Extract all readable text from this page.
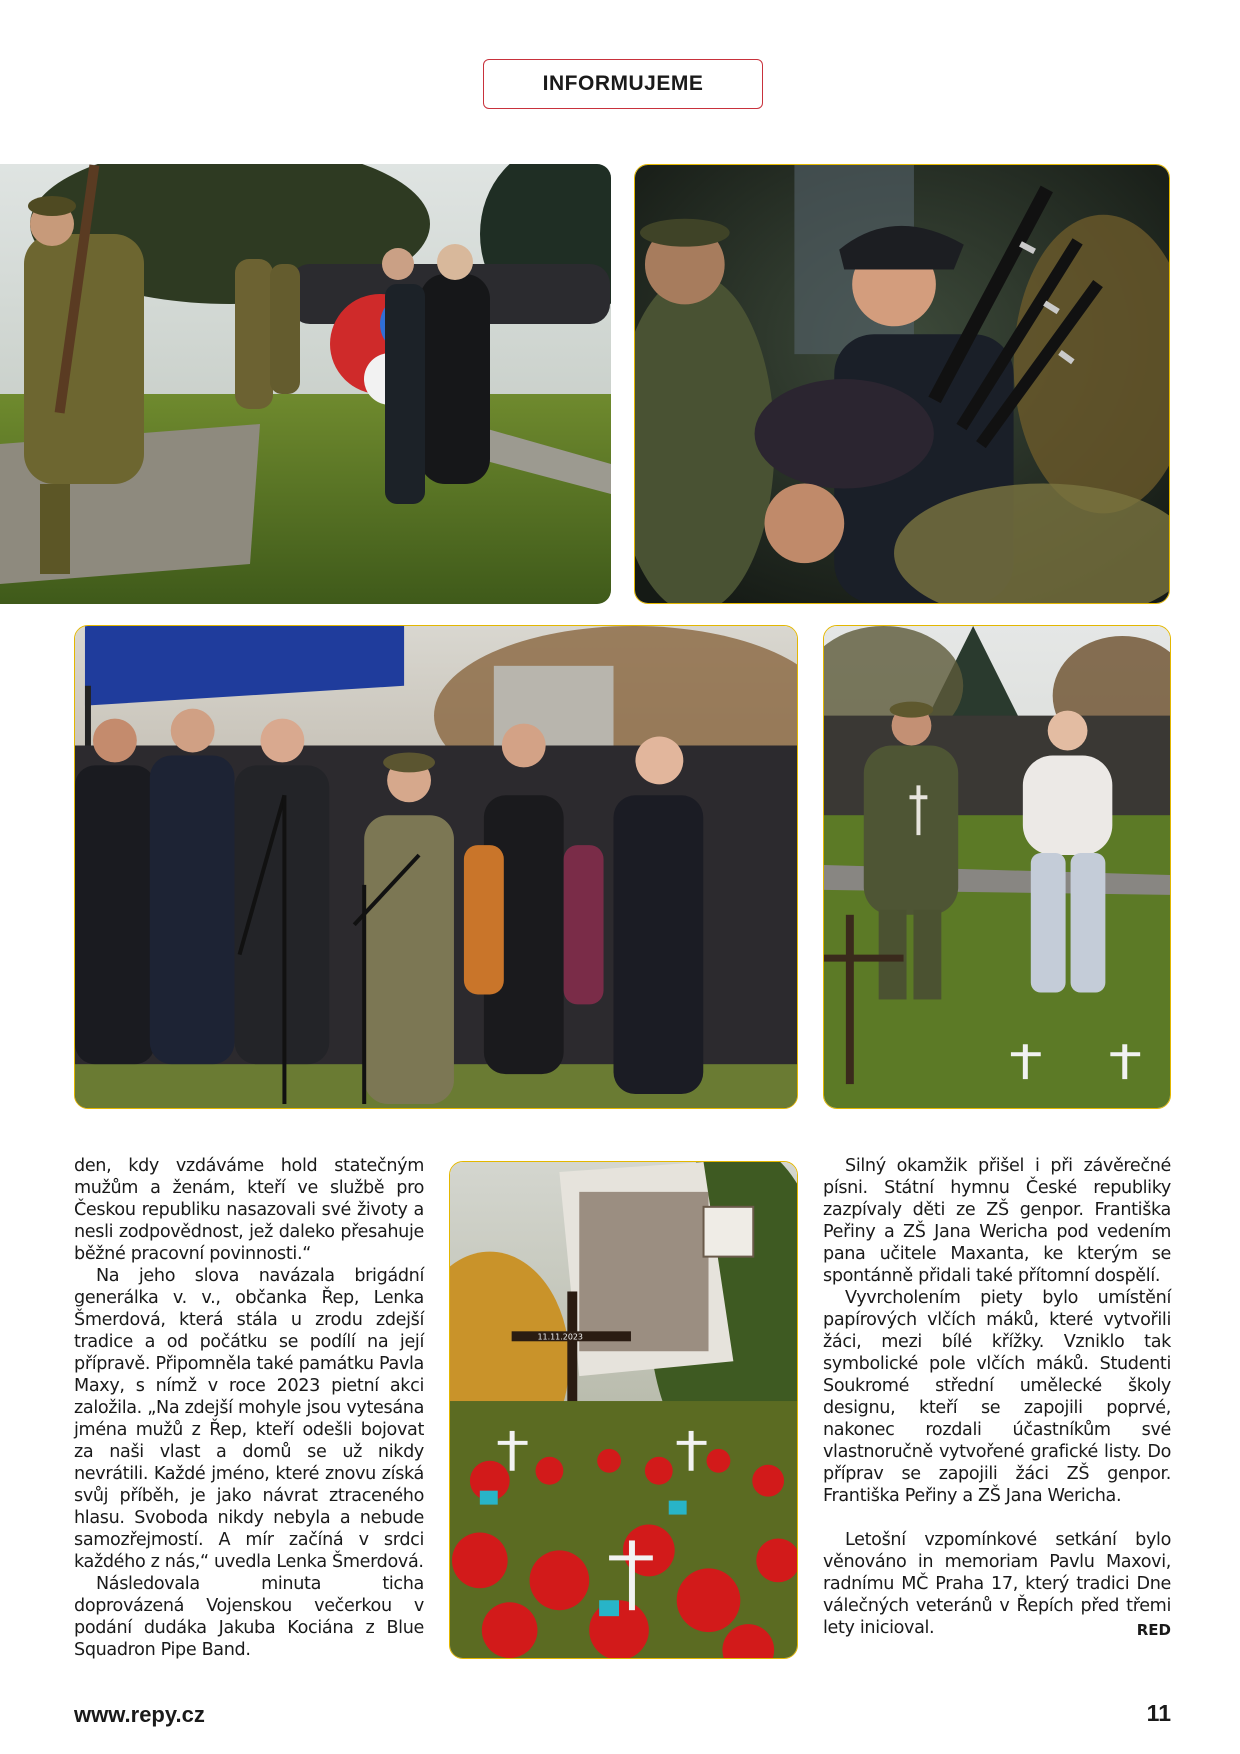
INFORMUJEME
11.11.2023

den, kdy vzdáváme hold statečným mužům a ženám, kteří ve službě pro Českou republiku nasazovali své životy a nesli zodpovědnost, jež daleko přesahuje běžné pracovní povinnosti.“

Na jeho slova navázala brigádní generálka v. v., občanka Řep, Lenka Šmerdová, která stála u zrodu zdejší tradice a od počátku se podílí na její přípravě. Připomněla také památku Pavla Maxy, s nímž v roce 2023 pietní akci založila. „Na zdejší mohyle jsou vytesána jména mužů z Řep, kteří odešli bojovat za naši vlast a domů se už nikdy nevrátili. Každé jméno, které znovu získá svůj příběh, je jako návrat ztraceného hlasu. Svoboda nikdy nebyla a nebude samozřejmostí. A mír začíná v srdci každého z nás,“ uvedla Lenka Šmerdová.

Následovala minuta ticha doprovázená Vojenskou večerkou v podání dudáka Jakuba Kociána z Blue Squadron Pipe Band.

Silný okamžik přišel i při závěrečné písni. Státní hymnu České republiky zazpívaly děti ze ZŠ genpor. Františka Peřiny a ZŠ Jana Wericha pod vedením pana učitele Maxanta, ke kterým se spontánně přidali také přítomní dospělí.

Vyvrcholením piety bylo umístění papírových vlčích máků, které vytvořili žáci, mezi bílé křížky. Vzniklo tak symbolické pole vlčích máků. Studenti Soukromé střední umělecké školy designu, kteří se zapojili poprvé, nakonec rozdali účastníkům své vlastnoručně vytvořené grafické listy. Do příprav se zapojili žáci ZŠ genpor. Františka Peřiny a ZŠ Jana Wericha.

Letošní vzpomínkové setkání bylo věnováno in memoriam Pavlu Maxovi, radnímu MČ Praha 17, který tradici Dne válečných veteránů v Řepích před třemi lety inicioval.	RED

www.repy.cz	11
